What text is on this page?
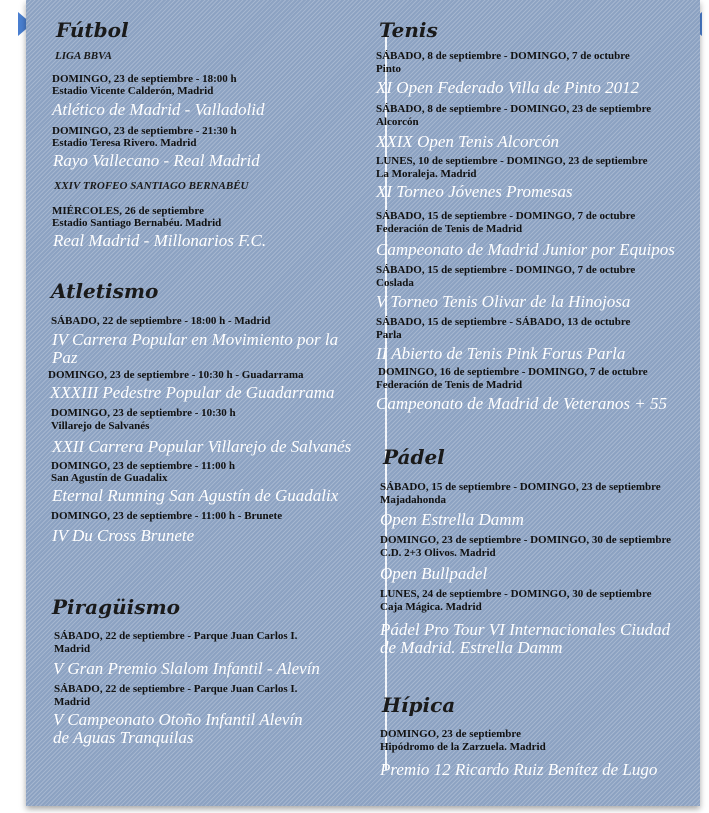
Fútbol
LIGA BBVA
DOMINGO, 23 de septiembre - 18:00 h
Estadio Vicente Calderón, Madrid
Atlético de Madrid - Valladolid
DOMINGO, 23 de septiembre - 21:30 h
Estadio Teresa Rivero. Madrid
Rayo Vallecano - Real Madrid
XXIV TROFEO SANTIAGO BERNABÉU
MIÉRCOLES, 26 de septiembre
Estadio Santiago Bernabéu. Madrid
Real Madrid - Millonarios F.C.
Atletismo
SÁBADO, 22 de septiembre - 18:00 h - Madrid
IV Carrera Popular en Movimiento por la Paz
DOMINGO, 23 de septiembre - 10:30 h - Guadarrama
XXXIII Pedestre Popular de Guadarrama
DOMINGO, 23 de septiembre - 10:30 h
Villarejo de Salvanés
XXII Carrera Popular Villarejo de Salvanés
DOMINGO, 23 de septiembre - 11:00 h
San Agustín de Guadalix
Eternal Running San Agustín de Guadalix
DOMINGO, 23 de septiembre - 11:00 h - Brunete
IV Du Cross Brunete
Piragüismo
SÁBADO, 22 de septiembre - Parque Juan Carlos I.
Madrid
V Gran Premio Slalom Infantil - Alevín
SÁBADO, 22 de septiembre - Parque Juan Carlos I.
Madrid
V Campeonato Otoño Infantil Alevín de Aguas Tranquilas
Tenis
SÁBADO, 8 de septiembre - DOMINGO, 7 de octubre
Pinto
XI Open Federado Villa de Pinto 2012
SÁBADO, 8 de septiembre - DOMINGO, 23 de septiembre
Alcorcón
XXIX Open Tenis Alcorcón
LUNES, 10 de septiembre - DOMINGO, 23 de septiembre
La Moraleja. Madrid
XI Torneo Jóvenes Promesas
SÁBADO, 15 de septiembre - DOMINGO, 7 de octubre
Federación de Tenis de Madrid
Campeonato de Madrid Junior por Equipos
SÁBADO, 15 de septiembre - DOMINGO, 7 de octubre
Coslada
V Torneo Tenis Olivar de la Hinojosa
SÁBADO, 15 de septiembre - SÁBADO, 13 de octubre
Parla
II Abierto de Tenis Pink Forus Parla
DOMINGO, 16 de septiembre - DOMINGO, 7 de octubre
Federación de Tenis de Madrid
Campeonato de Madrid de Veteranos + 55
Pádel
SÁBADO, 15 de septiembre - DOMINGO, 23 de septiembre
Majadahonda
Open Estrella Damm
DOMINGO, 23 de septiembre - DOMINGO, 30 de septiembre
C.D. 2+3 Olivos. Madrid
Open Bullpadel
LUNES, 24 de septiembre - DOMINGO, 30 de septiembre
Caja Mágica. Madrid
Pádel Pro Tour VI Internacionales Ciudad de Madrid. Estrella Damm
Hípica
DOMINGO, 23 de septiembre
Hipódromo de la Zarzuela. Madrid
Premio 12 Ricardo Ruiz Benítez de Lugo
